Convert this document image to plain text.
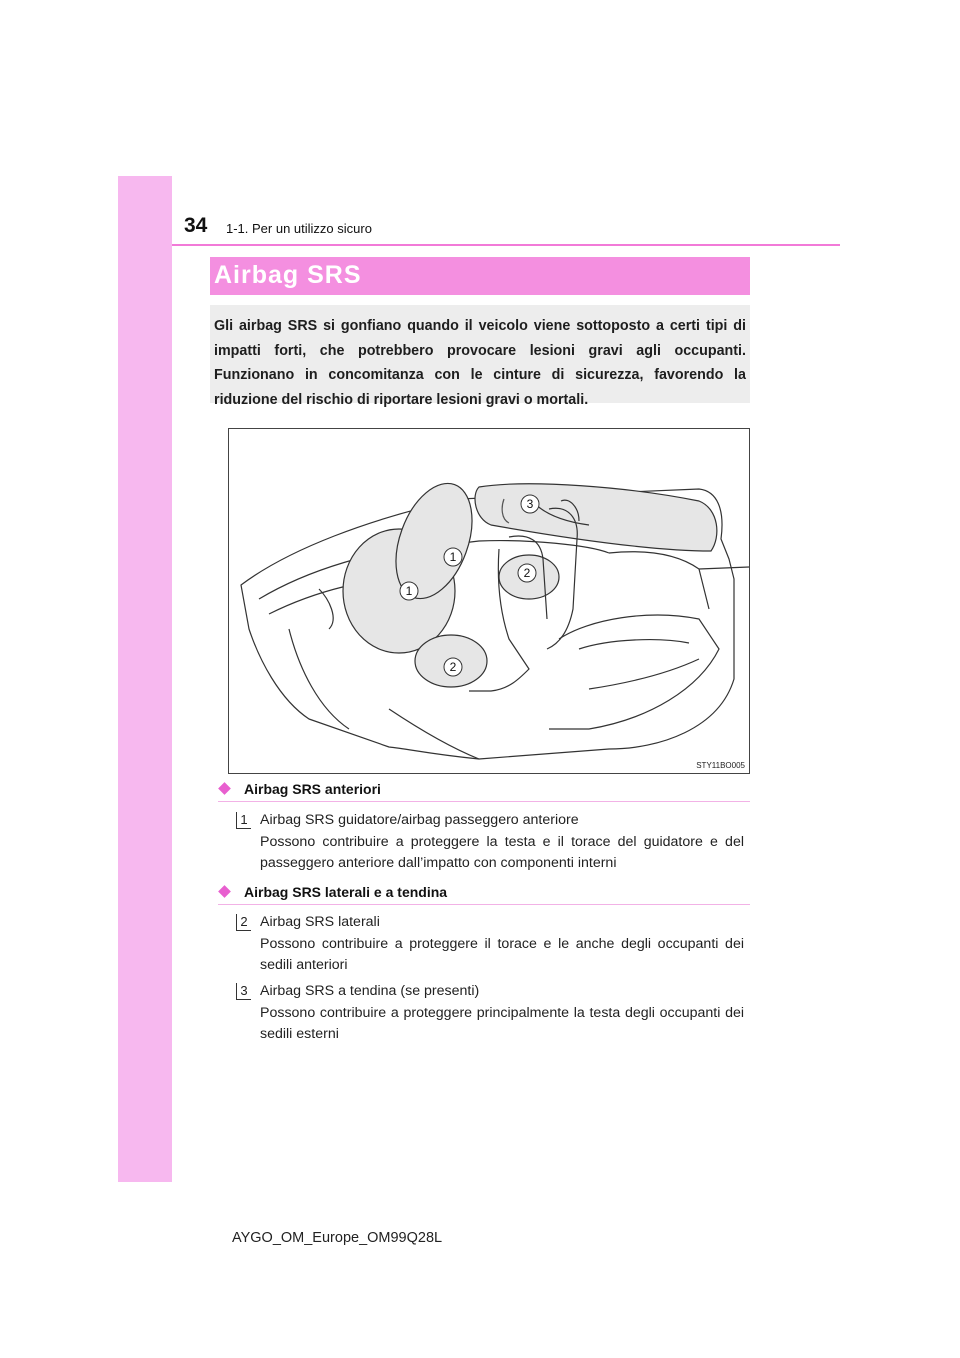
34 1-1. Per un utilizzo sicuro
Airbag SRS
Gli airbag SRS si gonfiano quando il veicolo viene sottoposto a certi tipi di impatti forti, che potrebbero provocare lesioni gravi agli occupanti. Funzionano in concomitanza con le cinture di sicurezza, favorendo la riduzione del rischio di riportare lesioni gravi o mortali.
1
1
2
2
3
STY11BO005
Airbag SRS anteriori
1 Airbag SRS guidatore/airbag passeggero anteriore
Possono contribuire a proteggere la testa e il torace del guidatore e del passeggero anteriore dall’impatto con componenti interni
Airbag SRS laterali e a tendina
2 Airbag SRS laterali
Possono contribuire a proteggere il torace e le anche degli occupanti dei sedili anteriori
3 Airbag SRS a tendina (se presenti)
Possono contribuire a proteggere principalmente la testa degli occupanti dei sedili esterni
AYGO_OM_Europe_OM99Q28L
